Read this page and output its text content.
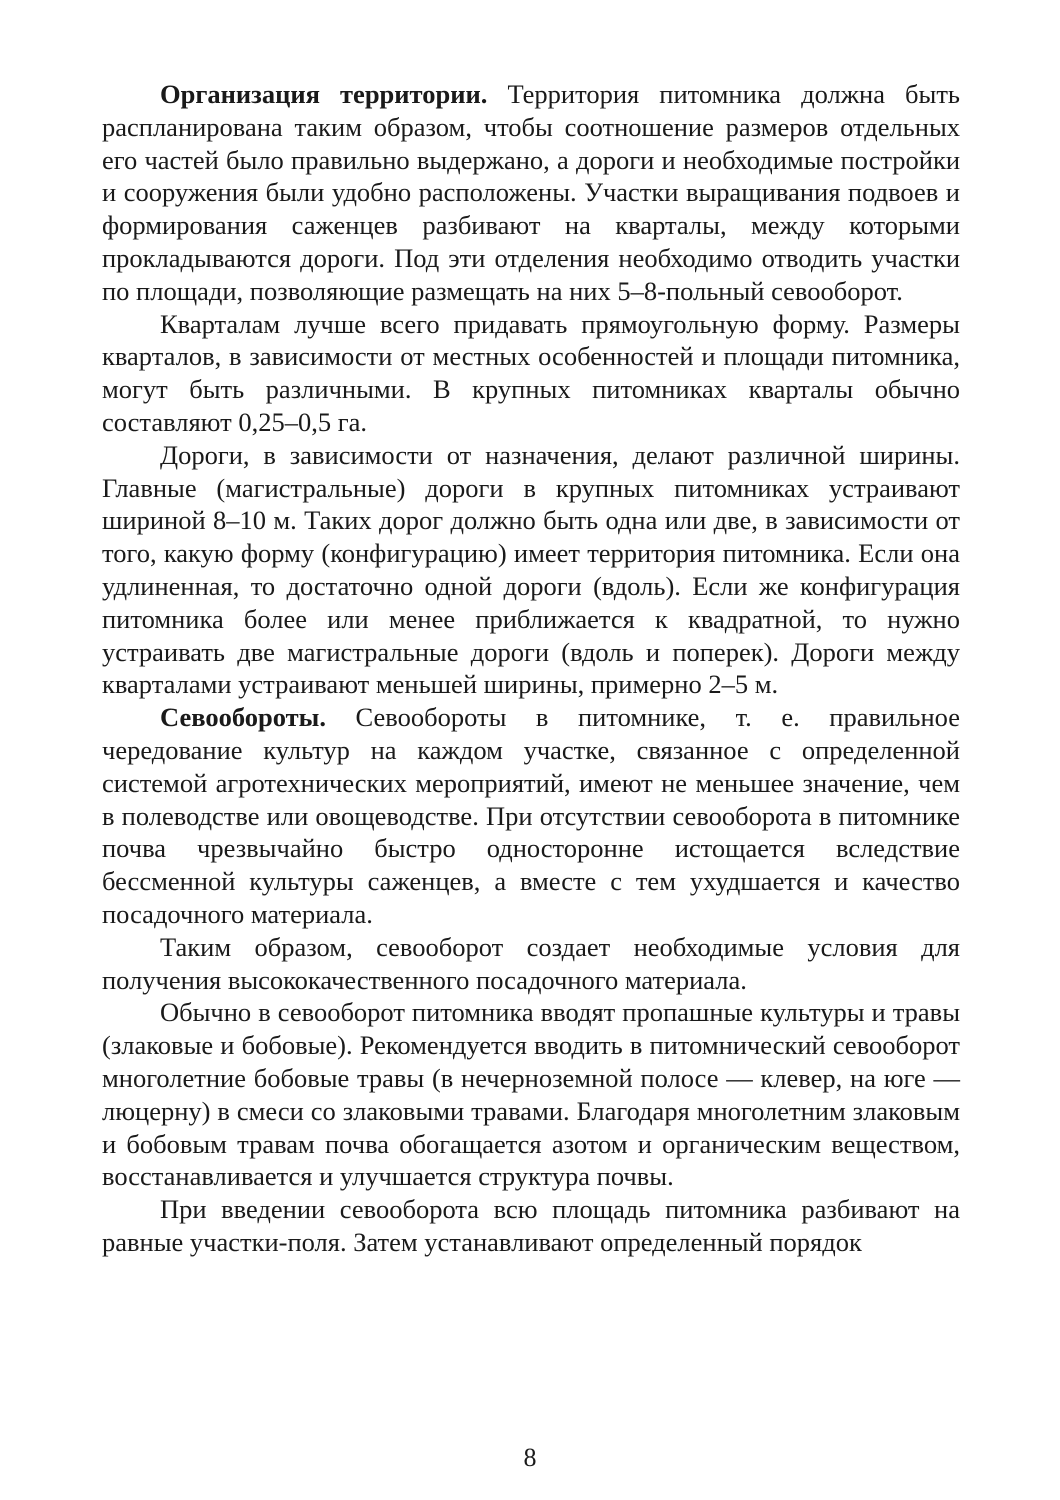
Организация территории. Территория питомника должна быть распланирована таким образом, чтобы соотношение размеров отдельных его частей было правильно выдержано, а дороги и необходимые постройки и сооружения были удобно расположены. Участки выращивания подвоев и формирования саженцев разбивают на кварталы, между которыми прокладываются дороги. Под эти отделения необходимо отводить участки по площади, позволяющие размещать на них 5–8-польный севооборот.

Кварталам лучше всего придавать прямоугольную форму. Размеры кварталов, в зависимости от местных особенностей и площади питомника, могут быть различными. В крупных питомниках кварталы обычно составляют 0,25–0,5 га.

Дороги, в зависимости от назначения, делают различной ширины. Главные (магистральные) дороги в крупных питомниках устраивают шириной 8–10 м. Таких дорог должно быть одна или две, в зависимости от того, какую форму (конфигурацию) имеет территория питомника. Если она удлиненная, то достаточно одной дороги (вдоль). Если же конфигурация питомника более или менее приближается к квадратной, то нужно устраивать две магистральные дороги (вдоль и поперек). Дороги между кварталами устраивают меньшей ширины, примерно 2–5 м.

Севообороты. Севообороты в питомнике, т. е. правильное чередование культур на каждом участке, связанное с определенной системой агротехнических мероприятий, имеют не меньшее значение, чем в полеводстве или овощеводстве. При отсутствии севооборота в питомнике почва чрезвычайно быстро односторонне истощается вследствие бессменной культуры саженцев, а вместе с тем ухудшается и качество посадочного материала.

Таким образом, севооборот создает необходимые условия для получения высококачественного посадочного материала.

Обычно в севооборот питомника вводят пропашные культуры и травы (злаковые и бобовые). Рекомендуется вводить в питомнический севооборот многолетние бобовые травы (в нечерноземной полосе — клевер, на юге — люцерну) в смеси со злаковыми травами. Благодаря многолетним злаковым и бобовым травам почва обогащается азотом и органическим веществом, восстанавливается и улучшается структура почвы.

При введении севооборота всю площадь питомника разбивают на равные участки-поля. Затем устанавливают определенный порядок

8
